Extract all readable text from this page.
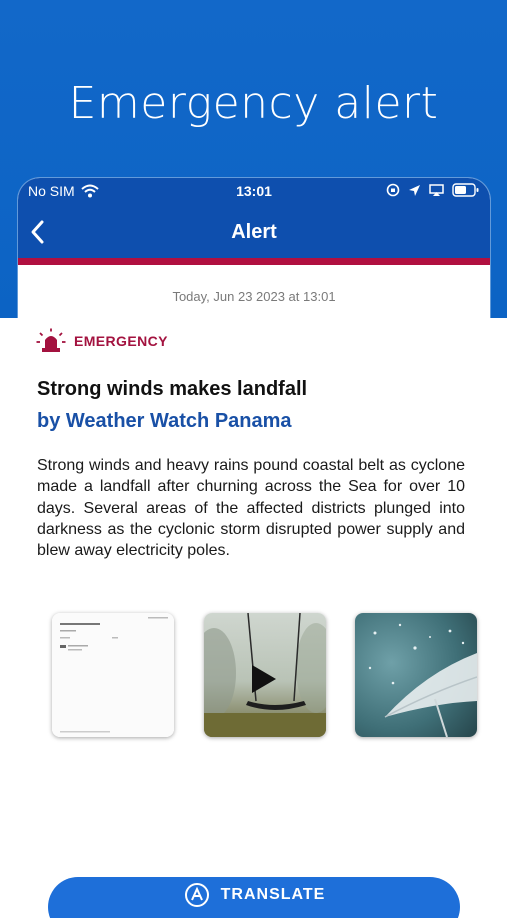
Emergency alert
No SIM	13:01
Alert
Today, Jun 23 2023 at 13:01
EMERGENCY
Strong winds makes landfall
by Weather Watch Panama
Strong winds and heavy rains pound coastal belt as cyclone made a landfall after churning across the Sea for over 10 days. Several areas of the affected districts plunged into darkness as the cyclonic storm disrupted power supply and blew away electricity poles.
TRANSLATE
